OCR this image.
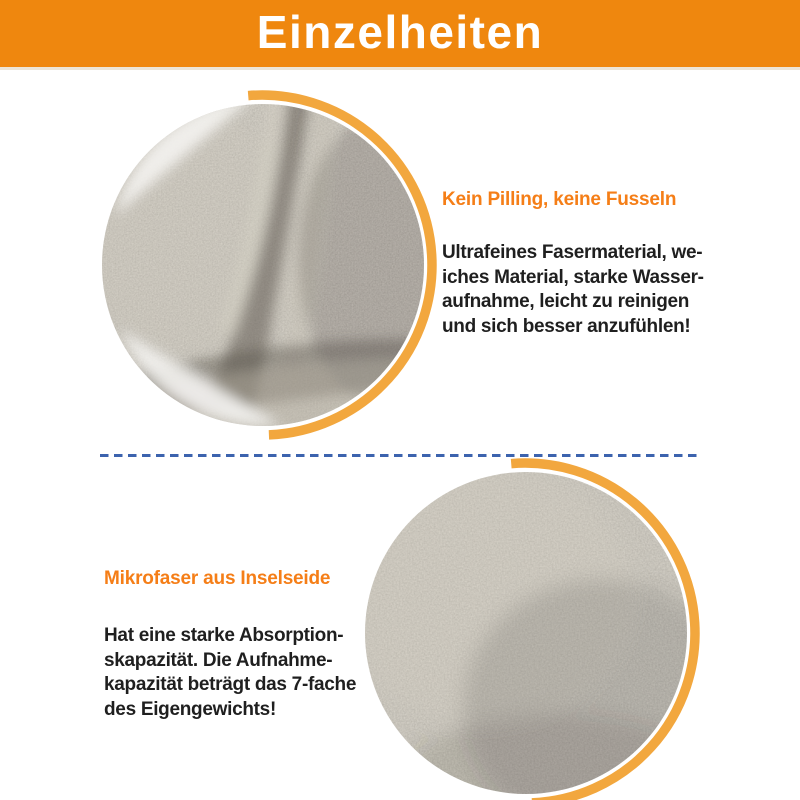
Einzelheiten
Kein Pilling, keine Fusseln
Ultrafeines Fasermaterial, we-
iches Material, starke Wasser-
aufnahme, leicht zu reinigen
und sich besser anzufühlen!
Mikrofaser aus Inselseide
Hat eine starke Absorption-
skapazität. Die Aufnahme-
kapazität beträgt das 7-fache
des Eigengewichts!
